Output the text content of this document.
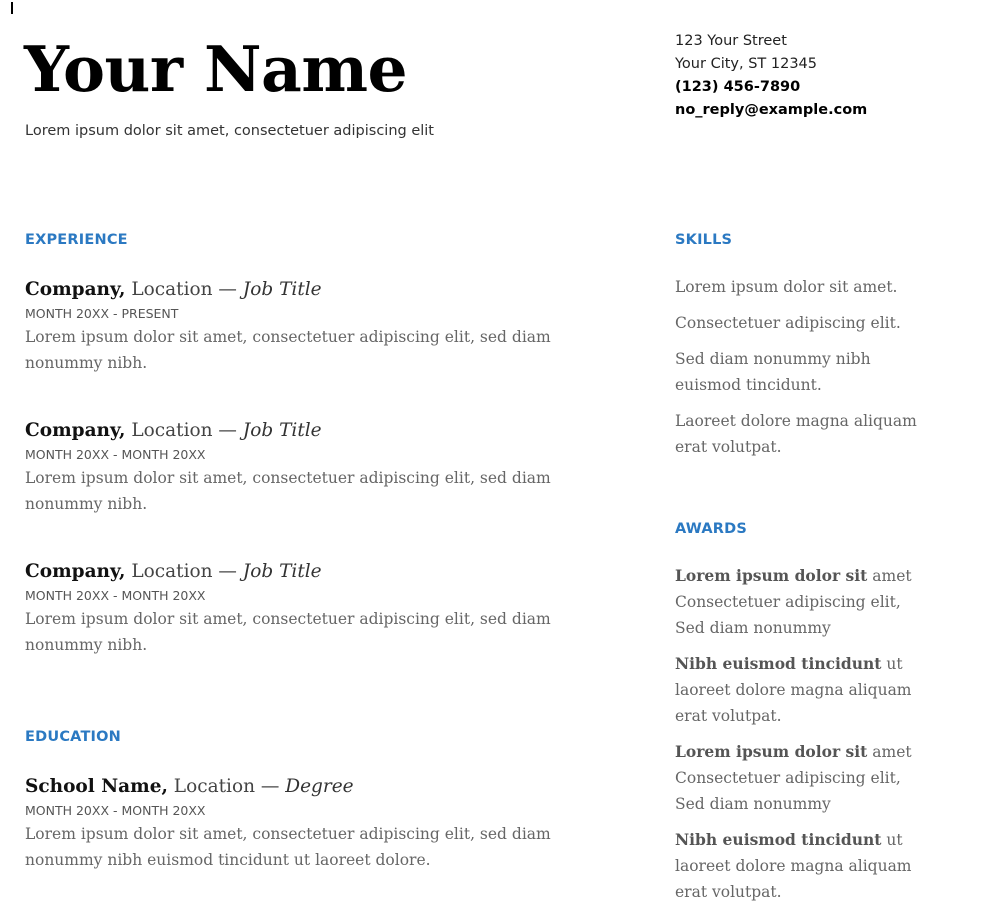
Your Name
Lorem ipsum dolor sit amet, consectetuer adipiscing elit
123 Your Street
Your City, ST 12345
(123) 456-7890
no_reply@example.com
EXPERIENCE
Company, Location — Job Title
MONTH 20XX - PRESENT
Lorem ipsum dolor sit amet, consectetuer adipiscing elit, sed diam nonummy nibh.
Company, Location — Job Title
MONTH 20XX - MONTH 20XX
Lorem ipsum dolor sit amet, consectetuer adipiscing elit, sed diam nonummy nibh.
Company, Location — Job Title
MONTH 20XX - MONTH 20XX
Lorem ipsum dolor sit amet, consectetuer adipiscing elit, sed diam nonummy nibh.
EDUCATION
School Name, Location — Degree
MONTH 20XX - MONTH 20XX
Lorem ipsum dolor sit amet, consectetuer adipiscing elit, sed diam nonummy nibh euismod tincidunt ut laoreet dolore.
SKILLS
Lorem ipsum dolor sit amet.
Consectetuer adipiscing elit.
Sed diam nonummy nibh euismod tincidunt.
Laoreet dolore magna aliquam erat volutpat.
AWARDS
Lorem ipsum dolor sit amet Consectetuer adipiscing elit, Sed diam nonummy
Nibh euismod tincidunt ut laoreet dolore magna aliquam erat volutpat.
Lorem ipsum dolor sit amet Consectetuer adipiscing elit, Sed diam nonummy
Nibh euismod tincidunt ut laoreet dolore magna aliquam erat volutpat.
